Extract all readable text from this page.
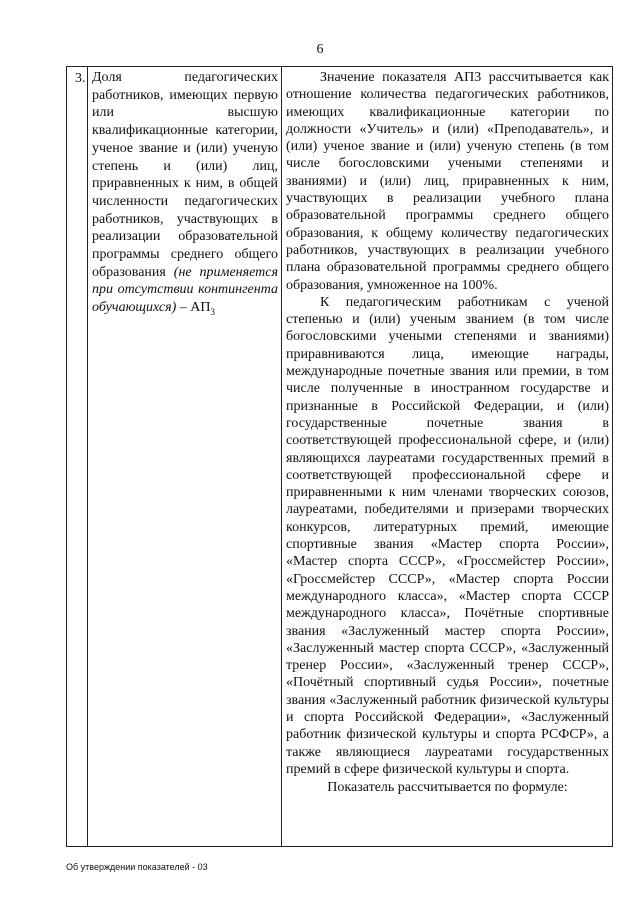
6
3. Доля педагогических работников, имеющих первую или высшую квалификационные категории, ученое звание и (или) ученую степень и (или) лиц, приравненных к ним, в общей численности педагогических работников, участвующих в реализации образовательной программы среднего общего образования (не применяется при отсутствии контингента обучающихся) – $АП_3$

Значение показателя АП3 рассчитывается как отношение количества педагогических работников, имеющих квалификационные категории по должности «Учитель» и (или) «Преподаватель», и (или) ученое звание и (или) ученую степень (в том числе богословскими учеными степенями и званиями) и (или) лиц, приравненных к ним, участвующих в реализации учебного плана образовательной программы среднего общего образования, к общему количеству педагогических работников, участвующих в реализации учебного плана образовательной программы среднего общего образования, умноженное на 100%.

К педагогическим работникам с ученой степенью и (или) ученым званием (в том числе богословскими учеными степенями и званиями) приравниваются лица, имеющие награды, международные почетные звания или премии, в том числе полученные в иностранном государстве и признанные в Российской Федерации, и (или) государственные почетные звания в соответствующей профессиональной сфере, и (или) являющихся лауреатами государственных премий в соответствующей профессиональной сфере и приравненными к ним членами творческих союзов, лауреатами, победителями и призерами творческих конкурсов, литературных премий, имеющие спортивные звания «Мастер спорта России», «Мастер спорта СССР», «Гроссмейстер России», «Гроссмейстер СССР», «Мастер спорта России международного класса», «Мастер спорта СССР международного класса», Почётные спортивные звания «Заслуженный мастер спорта России», «Заслуженный мастер спорта СССР», «Заслуженный тренер России», «Заслуженный тренер СССР», «Почётный спортивный судья России», почетные звания «Заслуженный работник физической культуры и спорта Российской Федерации», «Заслуженный работник физической культуры и спорта РСФСР», а также являющиеся лауреатами государственных премий в сфере физической культуры и спорта.

Показатель рассчитывается по формуле:

Об утверждении показателей - 03
